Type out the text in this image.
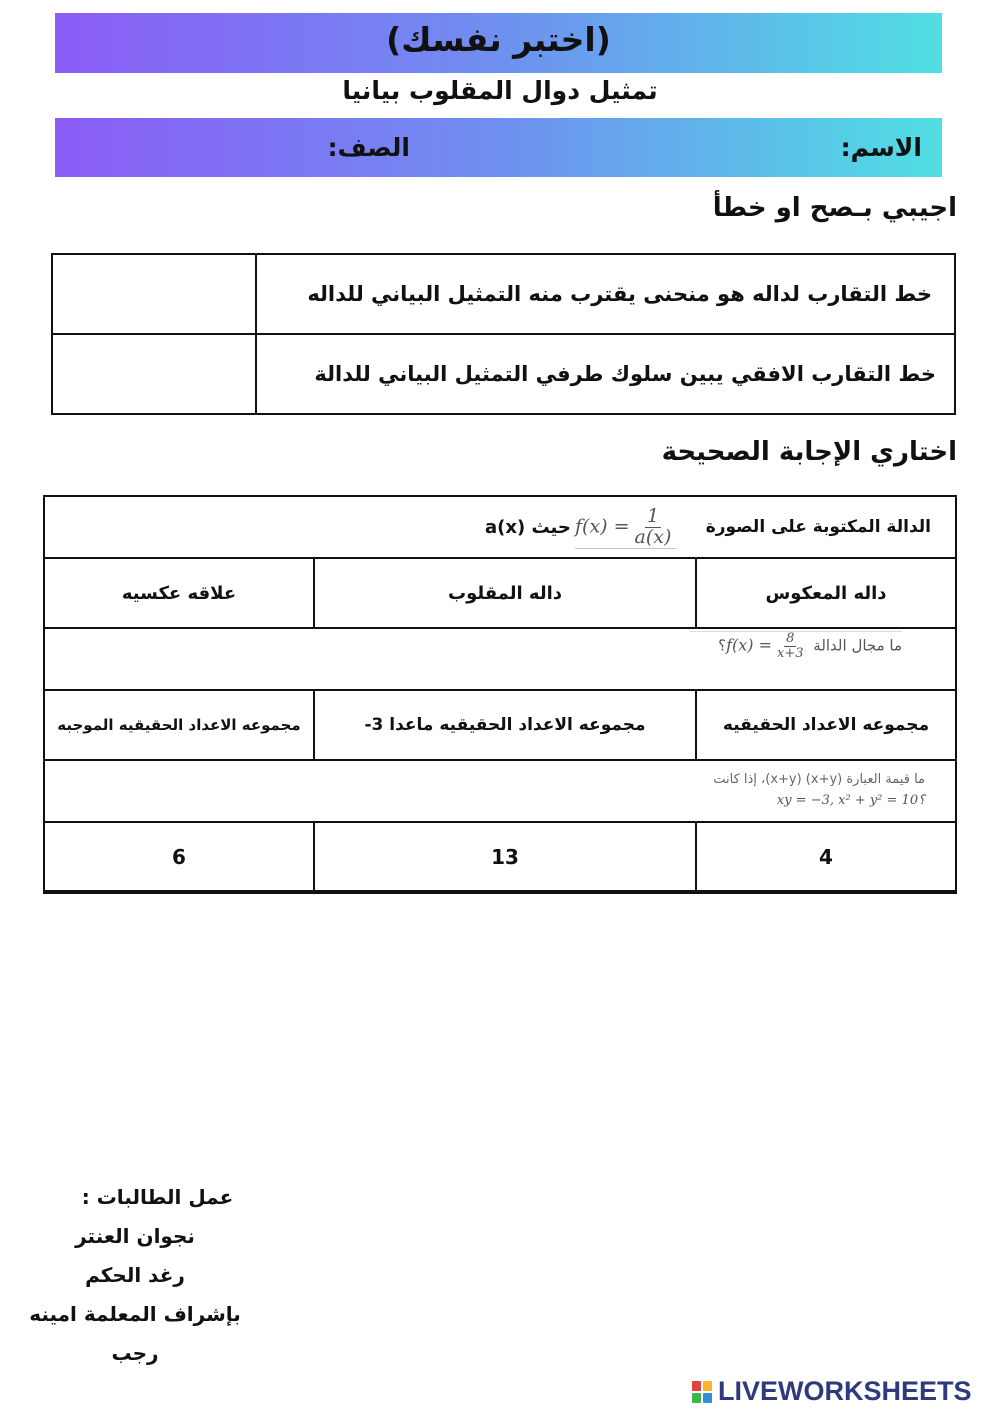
(اختبر نفسك)
تمثيل دوال المقلوب بيانيا
الاسم:
الصف:
اجيبي بـصح او خطأ
	خط التقارب لداله هو منحنى يقترب منه التمثيل البياني للداله
	خط التقارب الافقي يبين سلوك طرفي التمثيل البياني للدالة
اختاري الإجابة الصحيحة
الدالة المكتوبة على الصورة
$f(x) = \frac{1}{a(x)}$
حيث a(x)		

علاقه عكسيه	داله المقلوب	داله المعكوس

ما مجال الدالة $f(x) = \frac{8}{x+3}$
؟		

مجموعه الاعداد الحقيقيه الموجبه	مجموعه الاعداد الحقيقيه ماعدا 3-	مجموعه الاعداد الحقيقيه

ما قيمة العبارة (x+y) (x+y)، إذا كانت
؟xy = −3, x² + y² = 10		

6	13	4
عمل الطالبات :
نجوان العنتر
رغد الحكم
بإشراف المعلمة امينه رجب
LIVEWORKSHEETS
